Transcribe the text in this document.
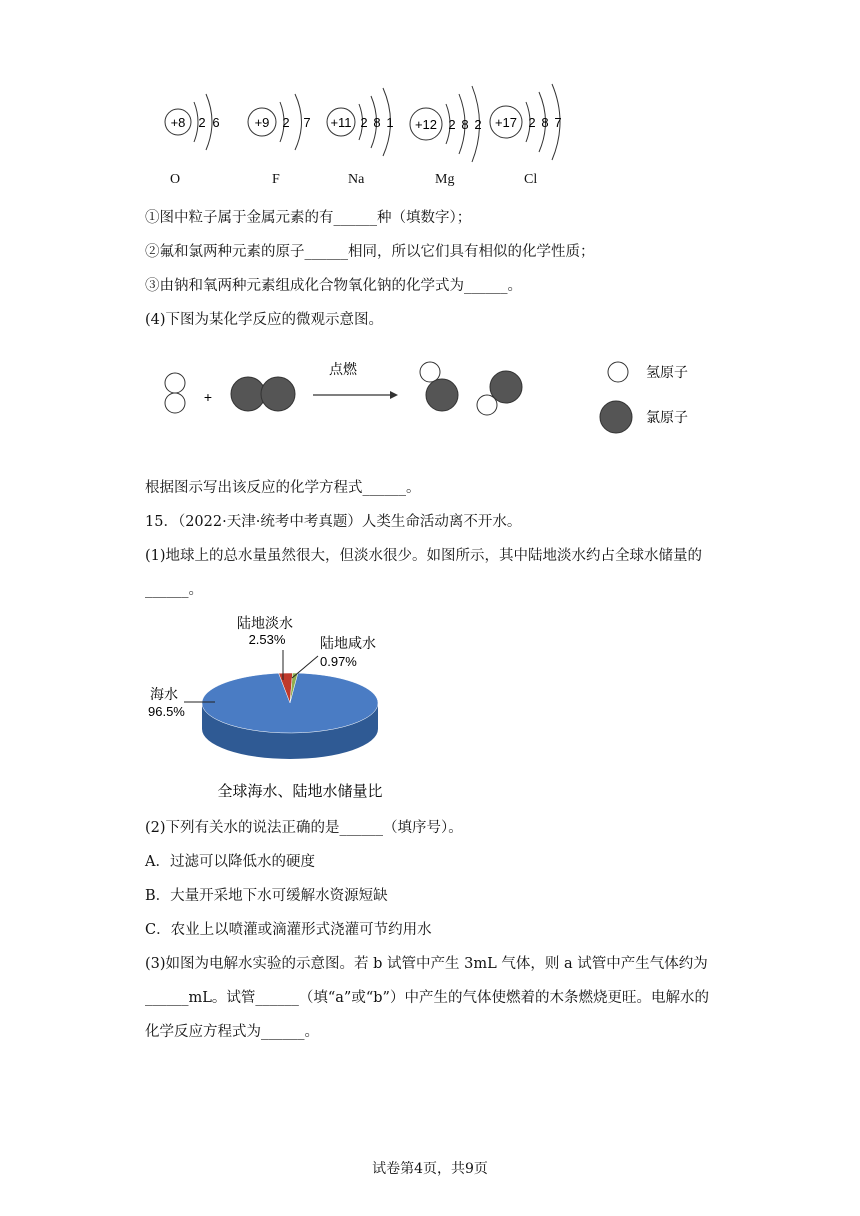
+8 2 6	+9 2 7 +11 2 8 1 +12 2 8 2 +17 2 8 7
O	F	Na	Mg	Cl
①图中粒子属于金属元素的有______种（填数字）；
②氟和氯两种元素的原子______相同，所以它们具有相似的化学性质；
③由钠和氧两种元素组成化合物氧化钠的化学式为______。
(4)下图为某化学反应的微观示意图。
+
点燃	氢原子
氯原子
根据图示写出该反应的化学方程式______。
15．（2022·天津·统考中考真题）人类生命活动离不开水。
(1)地球上的总水量虽然很大，但淡水很少。如图所示，其中陆地淡水约占全球水储量的
______。
陆地淡水
2.53% 陆地咸水
0.97%
海水
96.5%
全球海水、陆地水储量比
(2)下列有关水的说法正确的是______（填序号）。
A．过滤可以降低水的硬度
B．大量开采地下水可缓解水资源短缺
C．农业上以喷灌或滴灌形式浇灌可节约用水
(3)如图为电解水实验的示意图。若 b 试管中产生 3mL 气体，则 a 试管中产生气体约为
______mL。试管______（填“a”或“b”）中产生的气体使燃着的木条燃烧更旺。电解水的
化学反应方程式为______。
试卷第4页，共9页
